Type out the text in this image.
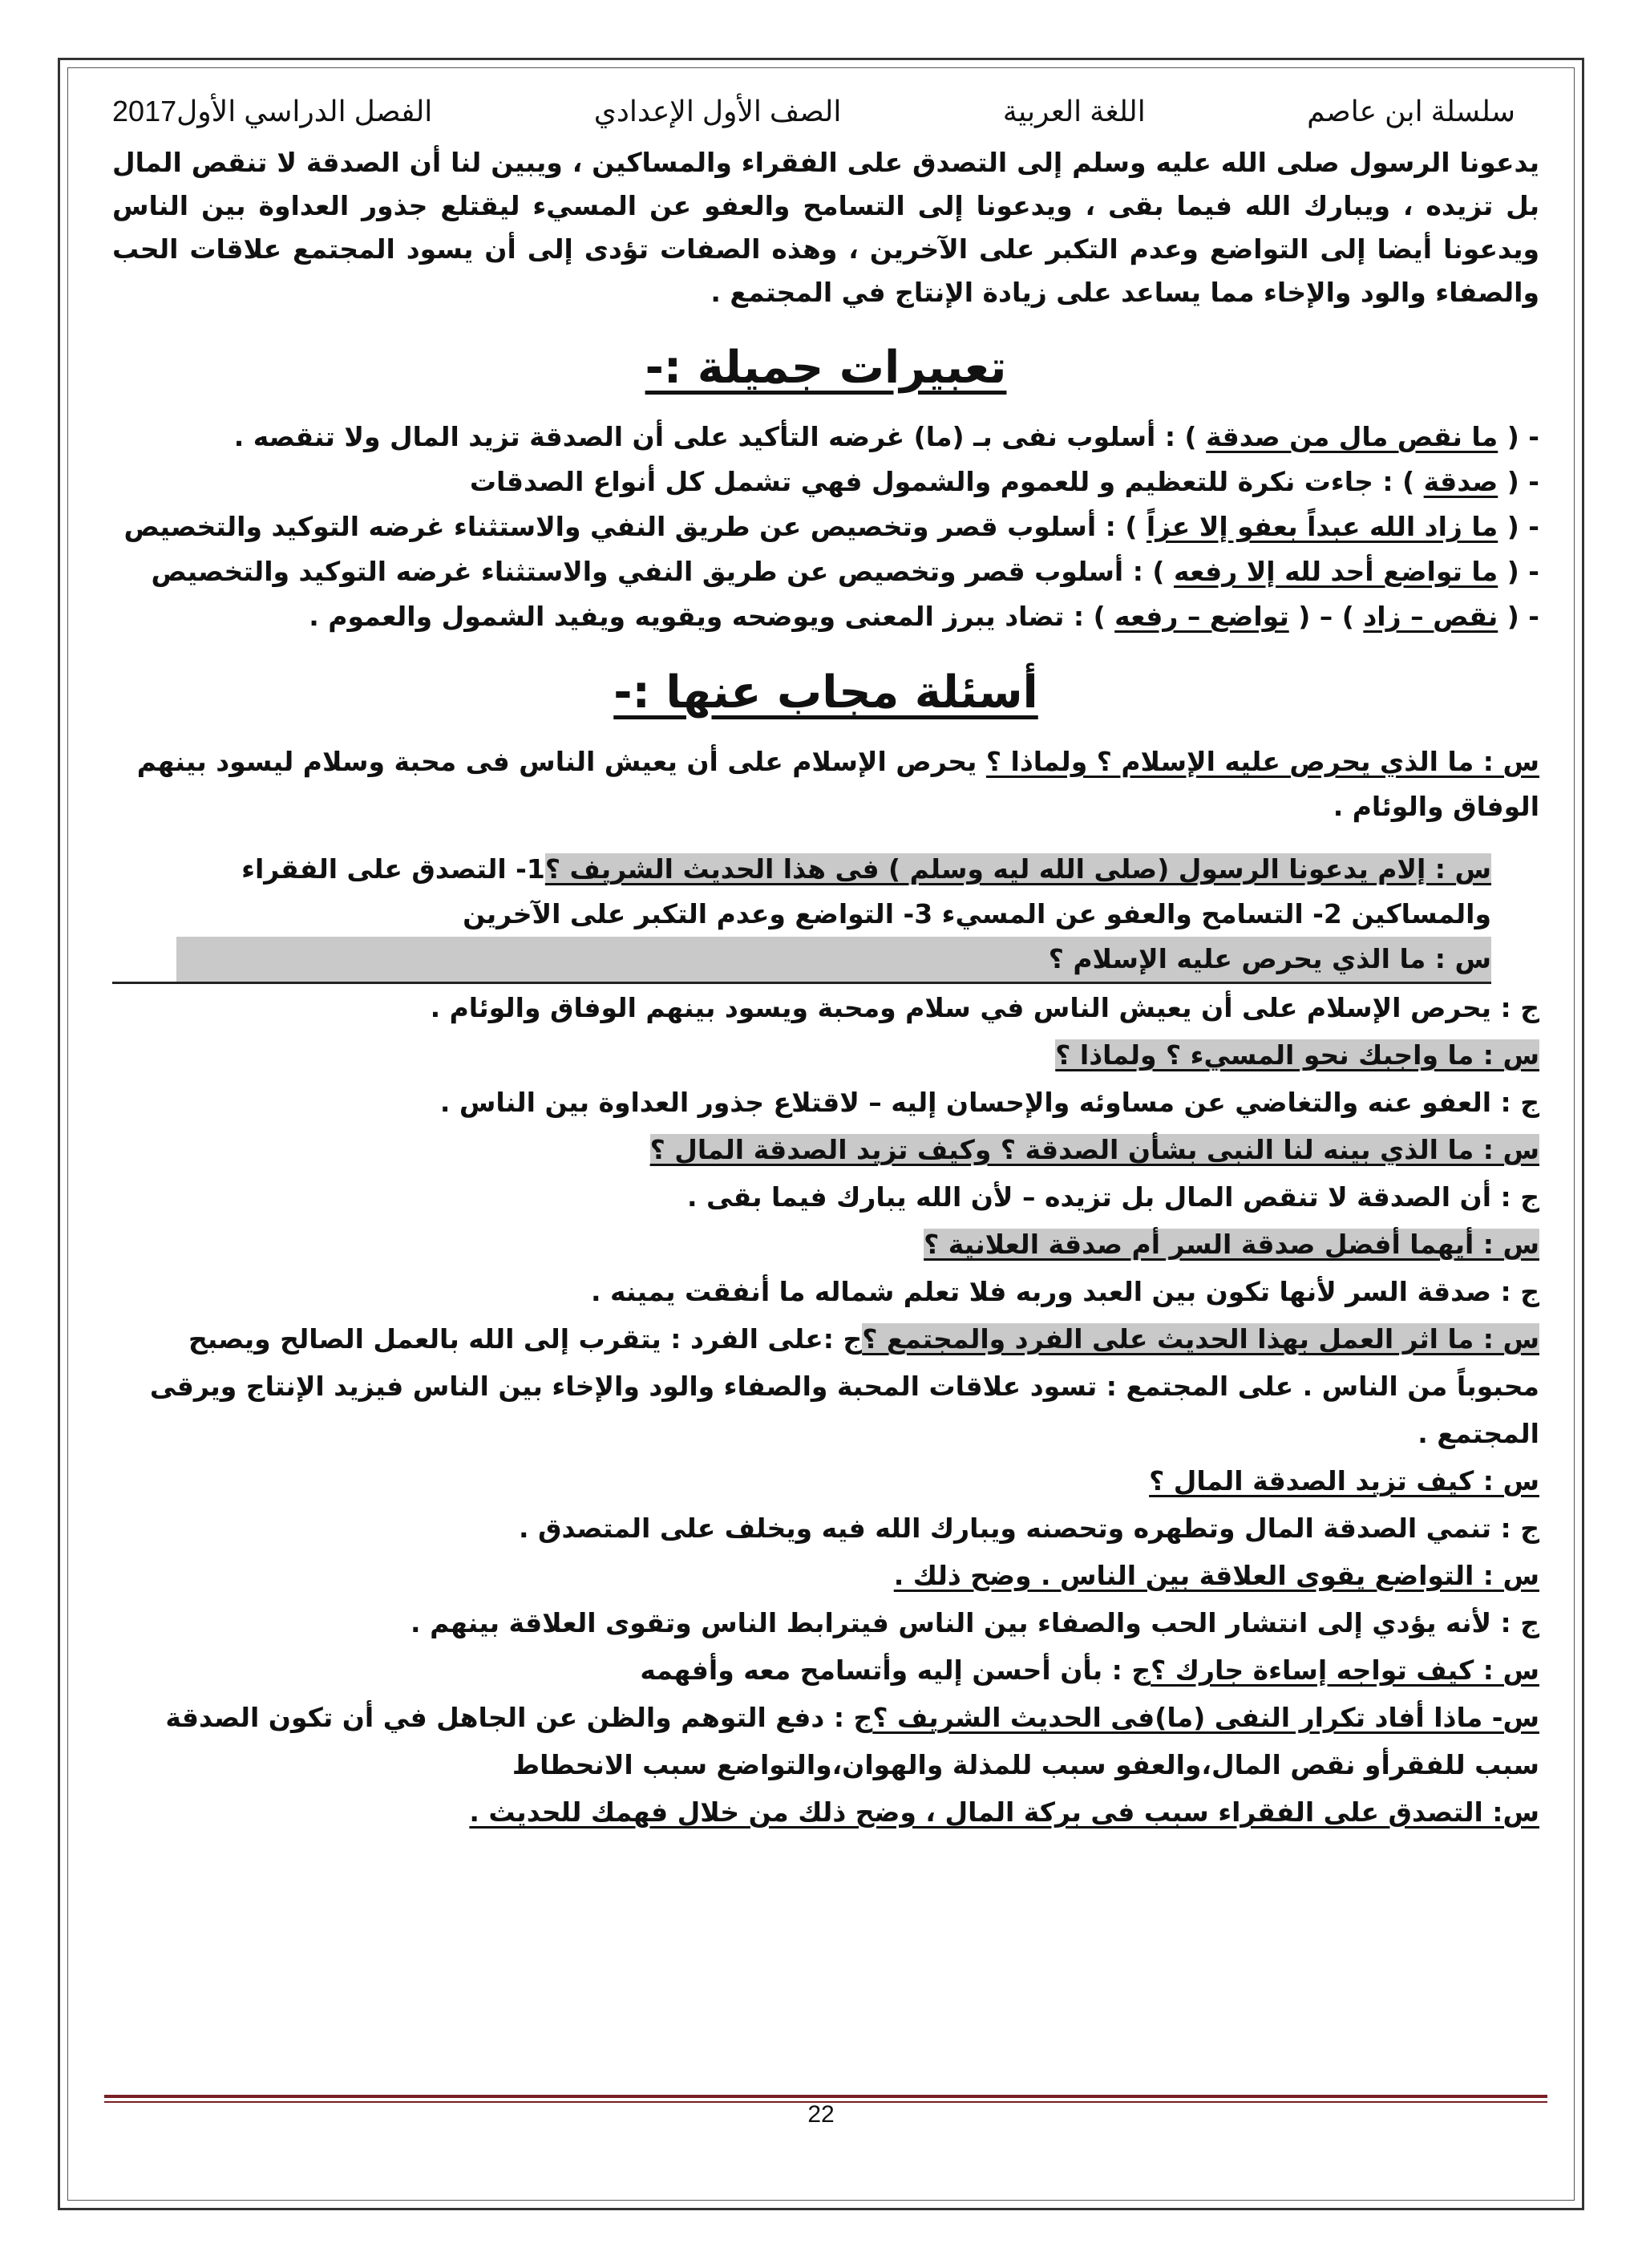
سلسلة ابن عاصم
اللغة العربية
الصف الأول الإعدادي
الفصل الدراسي الأول2017

يدعونا الرسول صلى الله عليه وسلم إلى التصدق على الفقراء والمساكين ، ويبين لنا أن الصدقة لا تنقص المال بل تزيده ، ويبارك الله فيما بقى ، ويدعونا إلى التسامح والعفو عن المسيء ليقتلع جذور العداوة بين الناس ويدعونا أيضا إلى التواضع وعدم التكبر على الآخرين ، وهذه الصفات تؤدى إلى أن يسود المجتمع علاقات الحب والصفاء والود والإخاء مما يساعد على زيادة الإنتاج في المجتمع .

تعبيرات جميلة :-

- ( ما نقص مال من صدقة ) : أسلوب نفى بـ (ما) غرضه التأكيد على أن الصدقة تزيد المال ولا تنقصه .

- ( صدقة ) : جاءت نكرة للتعظيم و للعموم والشمول فهي تشمل كل أنواع الصدقات

- ( ما زاد الله عبداً بعفو إلا عزاً ) : أسلوب قصر وتخصيص عن طريق النفي والاستثناء غرضه التوكيد والتخصيص

- ( ما تواضع أحد لله إلا رفعه ) : أسلوب قصر وتخصيص عن طريق النفي والاستثناء غرضه التوكيد والتخصيص

- ( نقص – زاد ) – ( تواضع – رفعه ) : تضاد يبرز المعنى ويوضحه ويقويه ويفيد الشمول والعموم .

أسئلة مجاب عنها :-

س : ما الذي يحرص عليه الإسلام ؟ ولماذا ؟ يحرص الإسلام على أن يعيش الناس فى محبة وسلام ليسود بينهم الوفاق والوئام .

س : إلام يدعونا الرسول (صلى الله ليه وسلم ) فى هذا الحديث الشريف ؟1- التصدق على الفقراء

والمساكين 2- التسامح والعفو عن المسيء 3- التواضع وعدم التكبر على الآخرين

س : ما الذي يحرص عليه الإسلام ؟

ج : يحرص الإسلام على أن يعيش الناس في سلام ومحبة ويسود بينهم الوفاق والوئام .

س : ما واجبك نحو المسيء ؟ ولماذا ؟

ج : العفو عنه والتغاضي عن مساوئه والإحسان إليه – لاقتلاع جذور العداوة بين الناس .

س : ما الذي بينه لنا النبى بشأن الصدقة ؟ وكيف تزيد الصدقة المال ؟

ج : أن الصدقة لا تنقص المال بل تزيده – لأن الله يبارك فيما بقى .

س : أيهما أفضل صدقة السر أم صدقة العلانية ؟

ج : صدقة السر لأنها تكون بين العبد وربه فلا تعلم شماله ما أنفقت يمينه .

س : ما اثر العمل بهذا الحديث على الفرد والمجتمع ؟ج :على الفرد : يتقرب إلى الله بالعمل الصالح ويصبح محبوباً من الناس . على المجتمع : تسود علاقات المحبة والصفاء والود والإخاء بين الناس فيزيد الإنتاج ويرقى المجتمع .

س : كيف تزيد الصدقة المال ؟

ج : تنمي الصدقة المال وتطهره وتحصنه ويبارك الله فيه ويخلف على المتصدق .

س : التواضع يقوى العلاقة بين الناس . وضح ذلك .

ج : لأنه يؤدي إلى انتشار الحب والصفاء بين الناس فيترابط الناس وتقوى العلاقة بينهم .

س : كيف تواجه إساءة جارك ؟ج : بأن أحسن إليه وأتسامح معه وأفهمه

س- ماذا أفاد تكرار النفى (ما)فى الحديث الشريف ؟ج : دفع التوهم والظن عن الجاهل في أن تكون الصدقة سبب للفقرأو نقص المال،والعفو سبب للمذلة والهوان،والتواضع سبب الانحطاط

س: التصدق على الفقراء سبب فى بركة المال ، وضح ذلك من خلال فهمك للحديث .

22
